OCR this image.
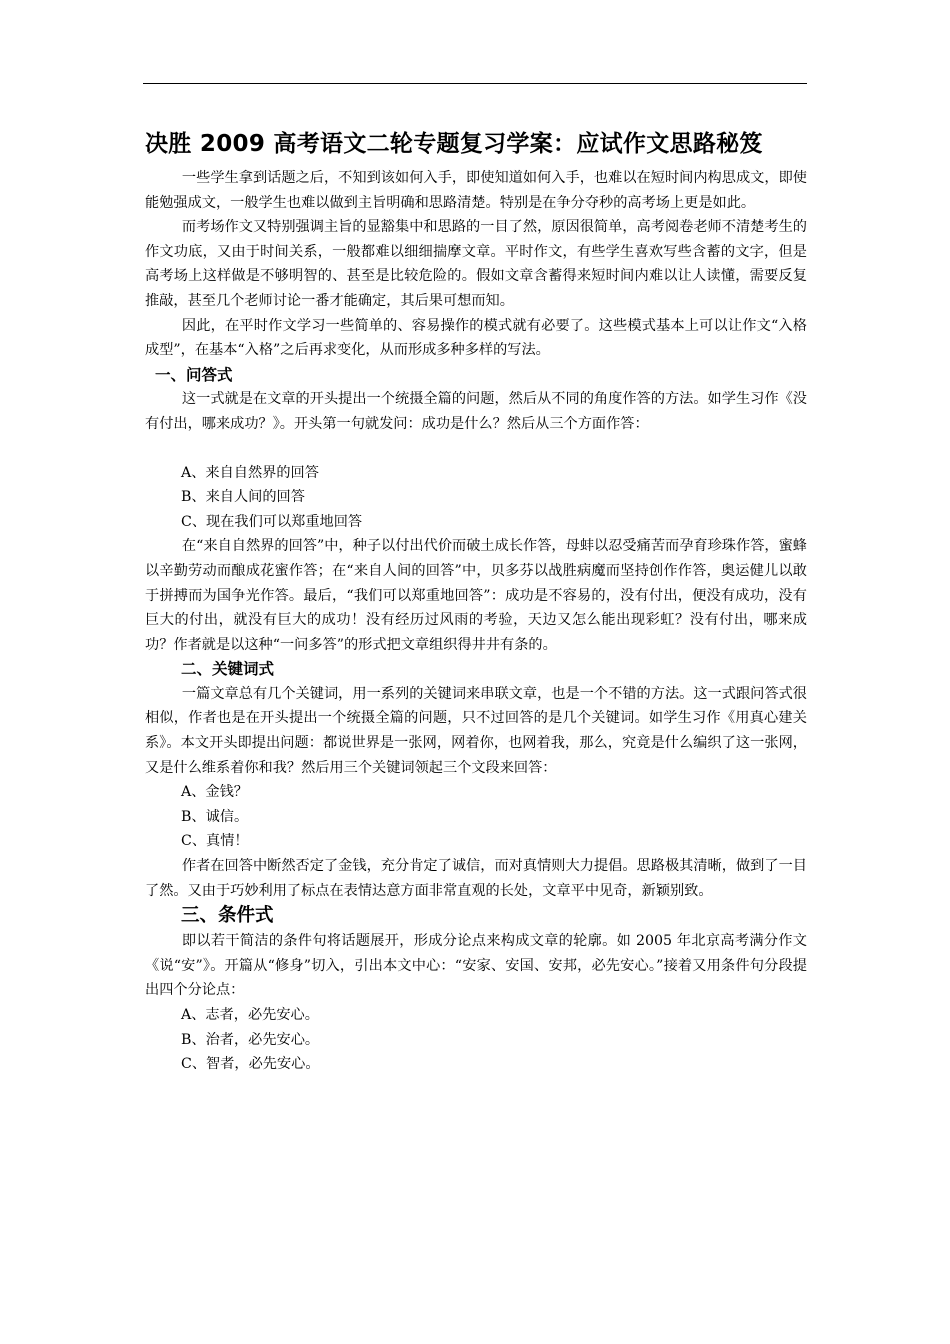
决胜 2009 高考语文二轮专题复习学案：应试作文思路秘笈

一些学生拿到话题之后，不知到该如何入手，即使知道如何入手，也难以在短时间内构思成文，即使能勉强成文，一般学生也难以做到主旨明确和思路清楚。特别是在争分夺秒的高考场上更是如此。

而考场作文又特别强调主旨的显豁集中和思路的一目了然，原因很简单，高考阅卷老师不清楚考生的作文功底，又由于时间关系，一般都难以细细揣摩文章。平时作文，有些学生喜欢写些含蓄的文字，但是高考场上这样做是不够明智的、甚至是比较危险的。假如文章含蓄得来短时间内难以让人读懂，需要反复推敲，甚至几个老师讨论一番才能确定，其后果可想而知。

因此，在平时作文学习一些简单的、容易操作的模式就有必要了。这些模式基本上可以让作文“入格成型”，在基本“入格”之后再求变化，从而形成多种多样的写法。

一、问答式

这一式就是在文章的开头提出一个统摄全篇的问题，然后从不同的角度作答的方法。如学生习作《没有付出，哪来成功？》。开头第一句就发问：成功是什么？然后从三个方面作答：

A、来自自然界的回答

B、来自人间的回答

C、现在我们可以郑重地回答

在“来自自然界的回答”中，种子以付出代价而破土成长作答，母蚌以忍受痛苦而孕育珍珠作答，蜜蜂以辛勤劳动而酿成花蜜作答；在“来自人间的回答”中，贝多芬以战胜病魔而坚持创作作答，奥运健儿以敢于拼搏而为国争光作答。最后，“我们可以郑重地回答”：成功是不容易的，没有付出，便没有成功，没有巨大的付出，就没有巨大的成功！没有经历过风雨的考验，天边又怎么能出现彩虹？没有付出，哪来成功？作者就是以这种“一问多答”的形式把文章组织得井井有条的。

二、关键词式

一篇文章总有几个关键词，用一系列的关键词来串联文章，也是一个不错的方法。这一式跟问答式很相似，作者也是在开头提出一个统摄全篇的问题，只不过回答的是几个关键词。如学生习作《用真心建关系》。本文开头即提出问题：都说世界是一张网，网着你，也网着我，那么，究竟是什么编织了这一张网，又是什么维系着你和我？然后用三个关键词领起三个文段来回答：

A、金钱？

B、诚信。

C、真情！

作者在回答中断然否定了金钱，充分肯定了诚信，而对真情则大力提倡。思路极其清晰，做到了一目了然。又由于巧妙利用了标点在表情达意方面非常直观的长处，文章平中见奇，新颖别致。

三、条件式

即以若干简洁的条件句将话题展开，形成分论点来构成文章的轮廓。如 2005 年北京高考满分作文《说“安”》。开篇从“修身”切入，引出本文中心：“安家、安国、安邦，必先安心。”接着又用条件句分段提出四个分论点：

A、志者，必先安心。

B、治者，必先安心。

C、智者，必先安心。
